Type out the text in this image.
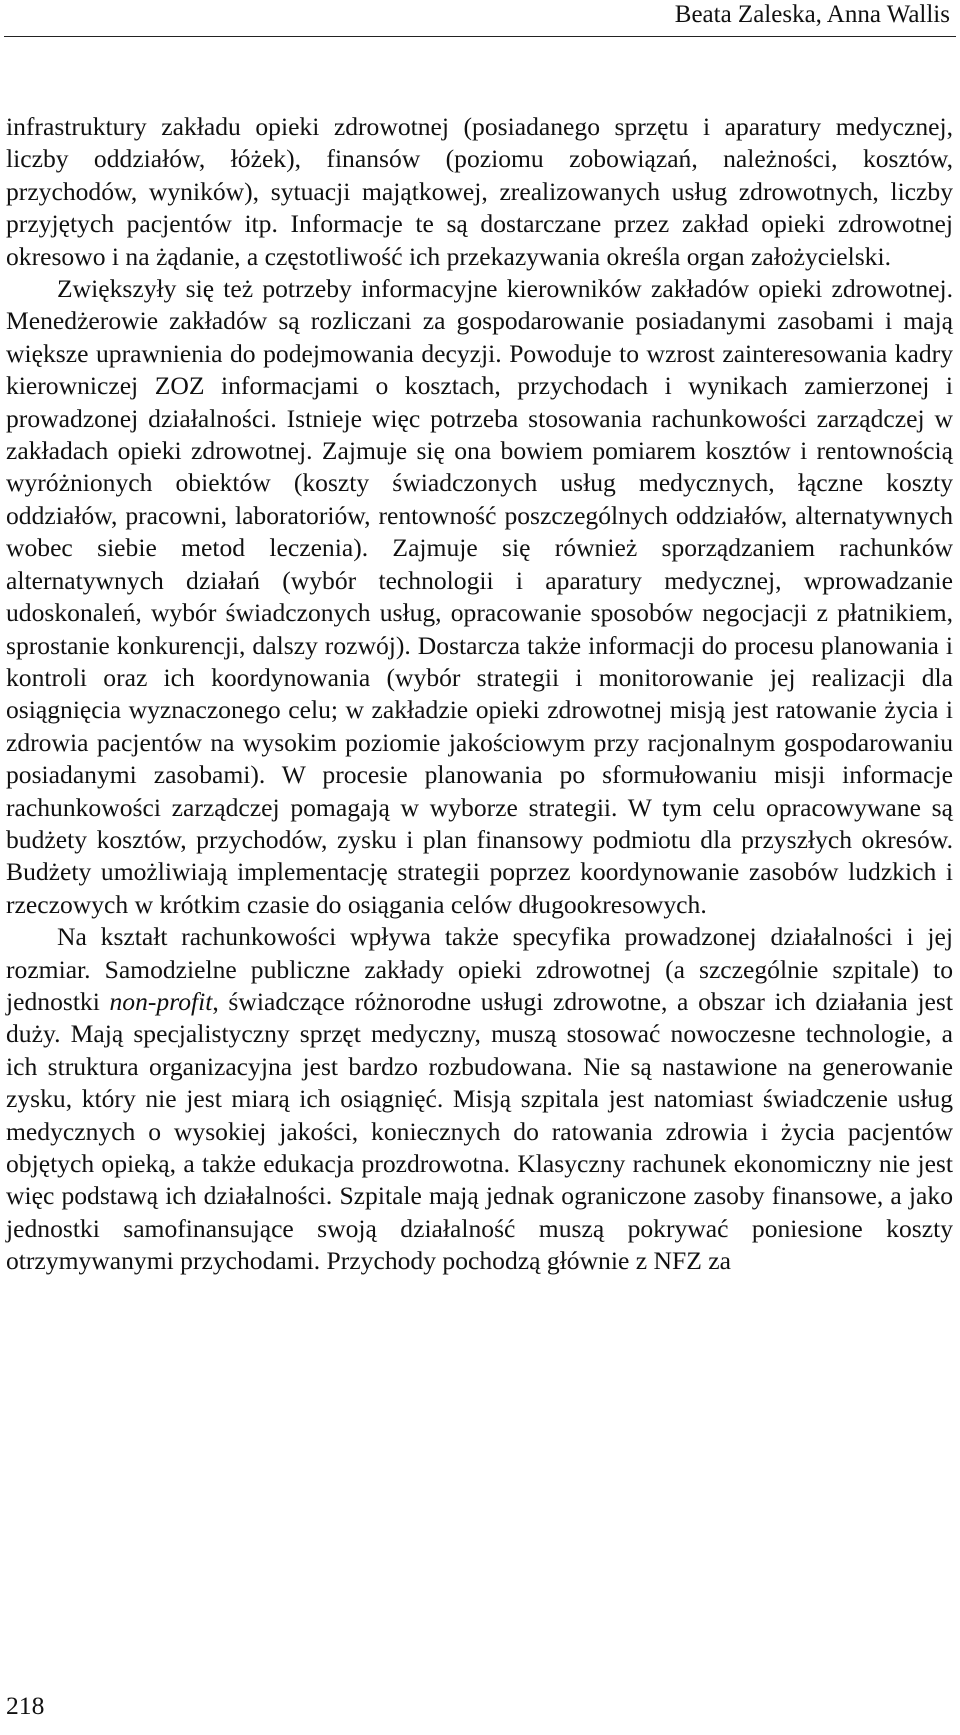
Beata Zaleska, Anna Wallis

infrastruktury zakładu opieki zdrowotnej (posiadanego sprzętu i aparatury medycznej, liczby oddziałów, łóżek), finansów (poziomu zobowiązań, należności, kosztów, przychodów, wyników), sytuacji majątkowej, zrealizowanych usług zdrowotnych, liczby przyjętych pacjentów itp. Informacje te są dostarczane przez zakład opieki zdrowotnej okresowo i na żądanie, a częstotliwość ich przekazywania określa organ założycielski.

Zwiększyły się też potrzeby informacyjne kierowników zakładów opieki zdrowotnej. Menedżerowie zakładów są rozliczani za gospodarowanie posiadanymi zasobami i mają większe uprawnienia do podejmowania decyzji. Powoduje to wzrost zainteresowania kadry kierowniczej ZOZ informacjami o kosztach, przychodach i wynikach zamierzonej i prowadzonej działalności. Istnieje więc potrzeba stosowania rachunkowości zarządczej w zakładach opieki zdrowotnej. Zajmuje się ona bowiem pomiarem kosztów i rentownością wyróżnionych obiektów (koszty świadczonych usług medycznych, łączne koszty oddziałów, pracowni, laboratoriów, rentowność poszczególnych oddziałów, alternatywnych wobec siebie metod leczenia). Zajmuje się również sporządzaniem rachunków alternatywnych działań (wybór technologii i aparatury medycznej, wprowadzanie udoskonaleń, wybór świadczonych usług, opracowanie sposobów negocjacji z płatnikiem, sprostanie konkurencji, dalszy rozwój). Dostarcza także informacji do procesu planowania i kontroli oraz ich koordynowania (wybór strategii i monitorowanie jej realizacji dla osiągnięcia wyznaczonego celu; w zakładzie opieki zdrowotnej misją jest ratowanie życia i zdrowia pacjentów na wysokim poziomie jakościowym przy racjonalnym gospodarowaniu posiadanymi zasobami). W procesie planowania po sformułowaniu misji informacje rachunkowości zarządczej pomagają w wyborze strategii. W tym celu opracowywane są budżety kosztów, przychodów, zysku i plan finansowy podmiotu dla przyszłych okresów. Budżety umożliwiają implementację strategii poprzez koordynowanie zasobów ludzkich i rzeczowych w krótkim czasie do osiągania celów długookresowych.

Na kształt rachunkowości wpływa także specyfika prowadzonej działalności i jej rozmiar. Samodzielne publiczne zakłady opieki zdrowotnej (a szczególnie szpitale) to jednostki non-profit, świadczące różnorodne usługi zdrowotne, a obszar ich działania jest duży. Mają specjalistyczny sprzęt medyczny, muszą stosować nowoczesne technologie, a ich struktura organizacyjna jest bardzo rozbudowana. Nie są nastawione na generowanie zysku, który nie jest miarą ich osiągnięć. Misją szpitala jest natomiast świadczenie usług medycznych o wysokiej jakości, koniecznych do ratowania zdrowia i życia pacjentów objętych opieką, a także edukacja prozdrowotna. Klasyczny rachunek ekonomiczny nie jest więc podstawą ich działalności. Szpitale mają jednak ograniczone zasoby finansowe, a jako jednostki samofinansujące swoją działalność muszą pokrywać poniesione koszty otrzymywanymi przychodami. Przychody pochodzą głównie z NFZ za

218
